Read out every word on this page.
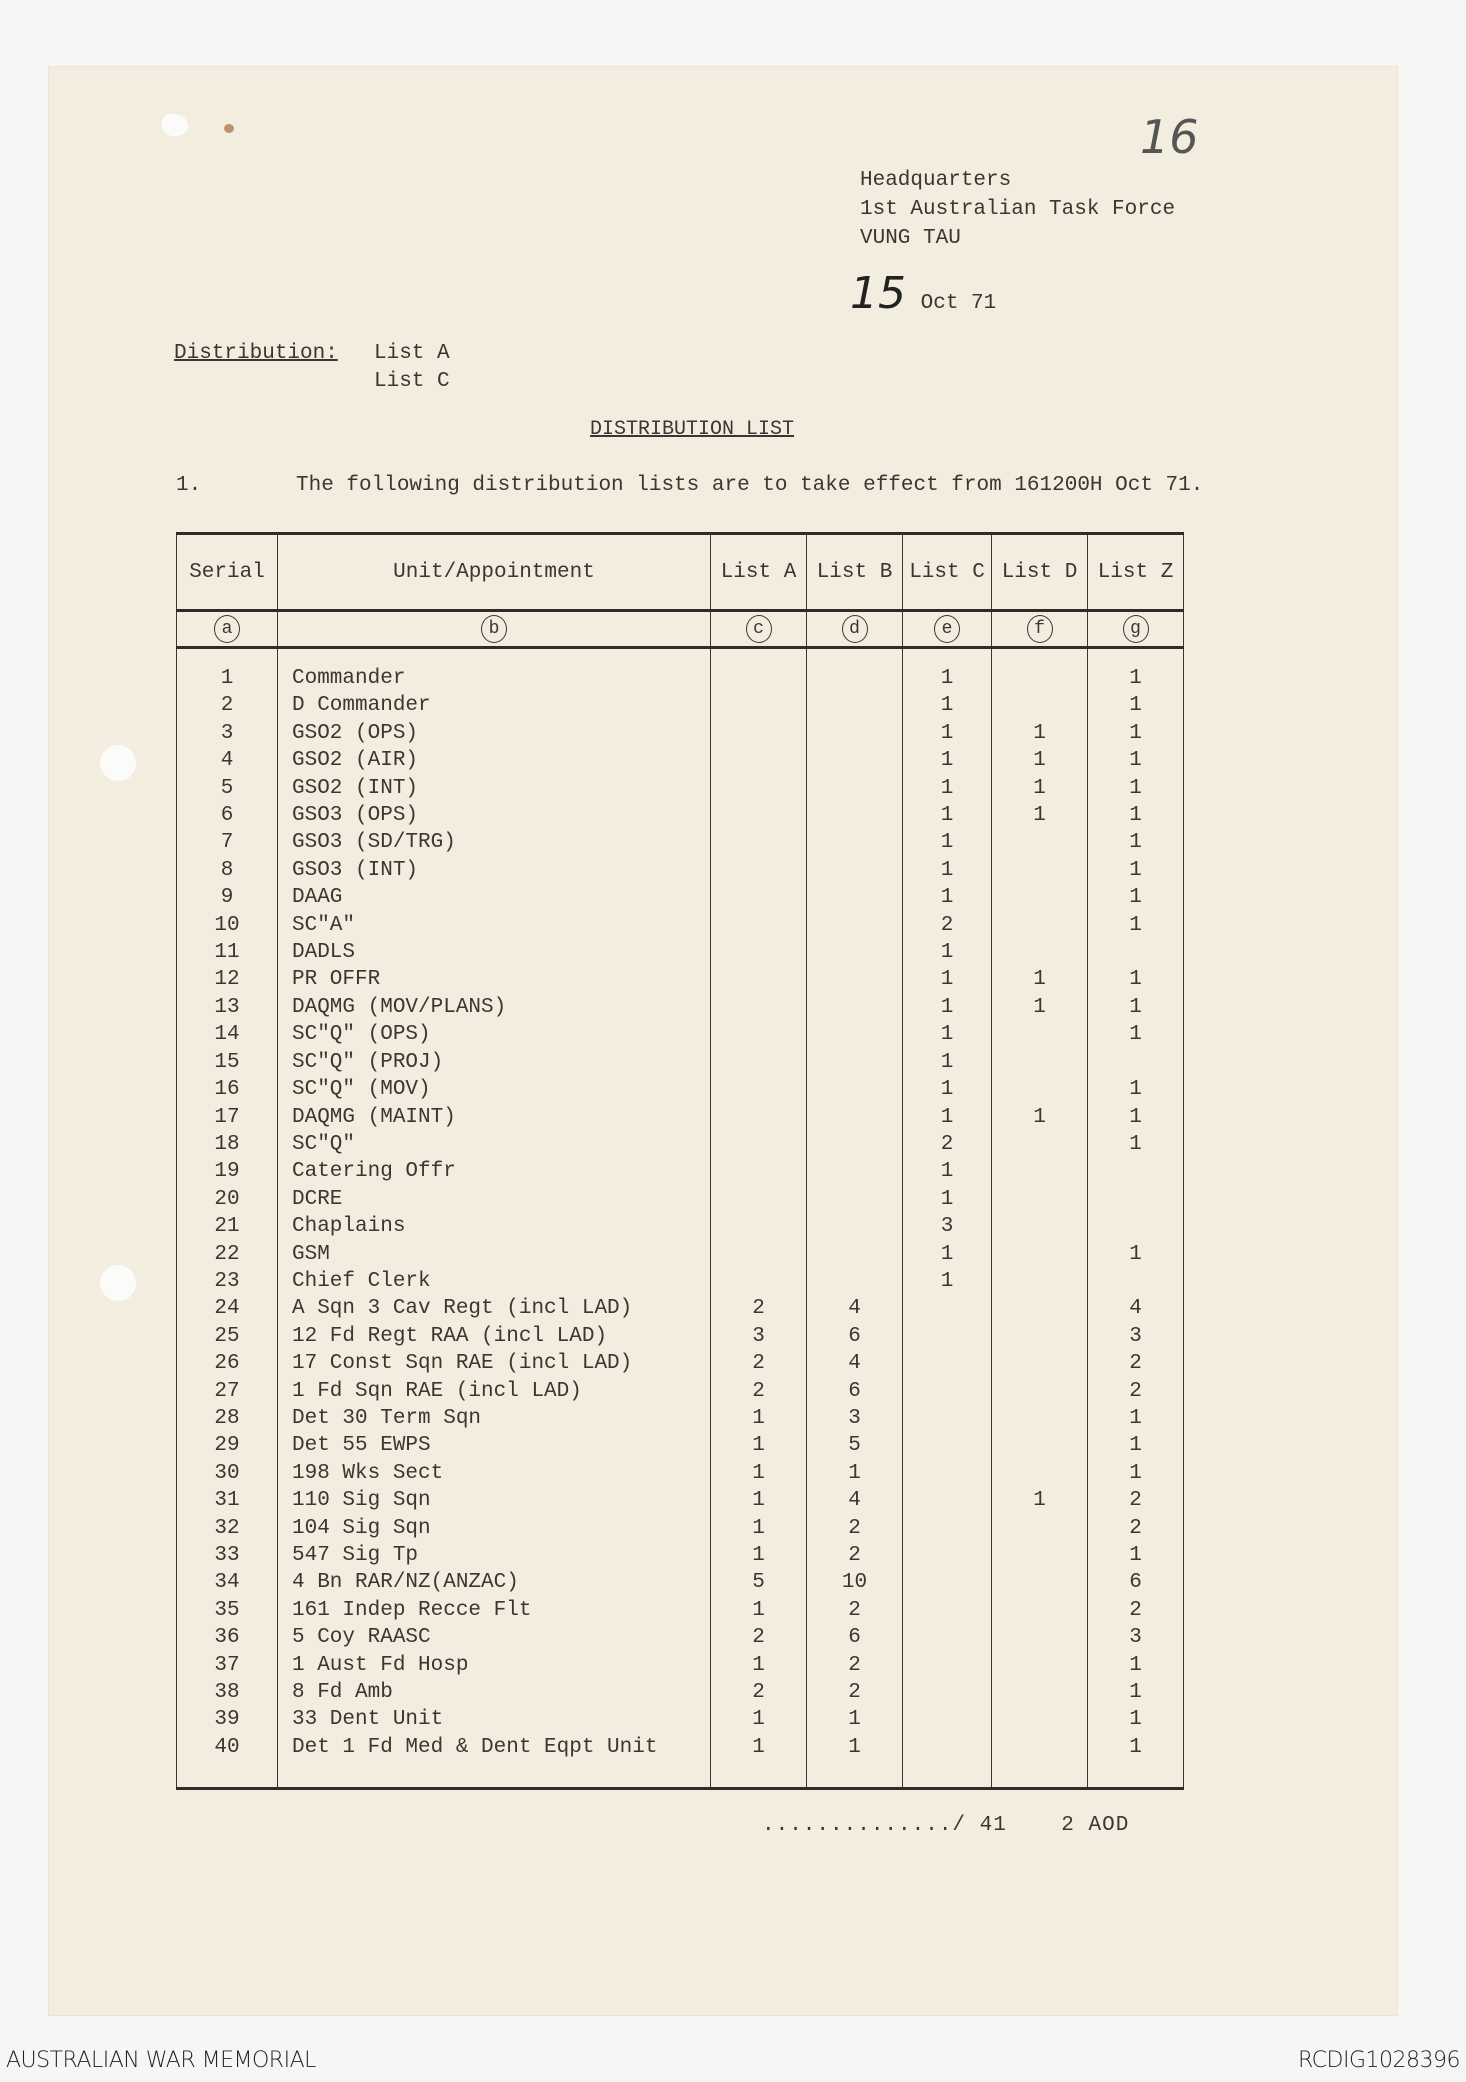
16
Headquarters
1st Australian Task Force
VUNG TAU
15 Oct 71
Distribution: List A
List C
DISTRIBUTION LIST
1.	The following distribution lists are to take effect from 161200H Oct 71.
Serial	Unit/Appointment	List A	List B	List C	List D	List Z
a	b	c	d	e	f	g

1	Commander			1		1
2	D Commander			1		1
3	GSO2 (OPS)			1	1	1
4	GSO2 (AIR)			1	1	1
5	GSO2 (INT)			1	1	1
6	GSO3 (OPS)			1	1	1
7	GSO3 (SD/TRG)			1		1
8	GSO3 (INT)			1		1
9	DAAG			1		1
10	SC"A"			2		1
11	DADLS			1		
12	PR OFFR			1	1	1
13	DAQMG (MOV/PLANS)			1	1	1
14	SC"Q" (OPS)			1		1
15	SC"Q" (PROJ)			1		
16	SC"Q" (MOV)			1		1
17	DAQMG (MAINT)			1	1	1
18	SC"Q"			2		1
19	Catering Offr			1		
20	DCRE			1		
21	Chaplains			3		
22	GSM			1		1
23	Chief Clerk			1		
24	A Sqn 3 Cav Regt (incl LAD)	2	4			4
25	12 Fd Regt RAA (incl LAD)	3	6			3
26	17 Const Sqn RAE (incl LAD)	2	4			2
27	1 Fd Sqn RAE (incl LAD)	2	6			2
28	Det 30 Term Sqn	1	3			1
29	Det 55 EWPS	1	5			1
30	198 Wks Sect	1	1			1
31	110 Sig Sqn	1	4		1	2
32	104 Sig Sqn	1	2			2
33	547 Sig Tp	1	2			1
34	4 Bn RAR/NZ(ANZAC)	5	10			6
35	161 Indep Recce Flt	1	2			2
36	5 Coy RAASC	2	6			3
37	1 Aust Fd Hosp	1	2			1
38	8 Fd Amb	2	2			1
39	33 Dent Unit	1	1			1
40	Det 1 Fd Med & Dent Eqpt Unit	1	1			1

............../ 41	2 AOD
AUSTRALIAN WAR MEMORIAL	RCDIG1028396
